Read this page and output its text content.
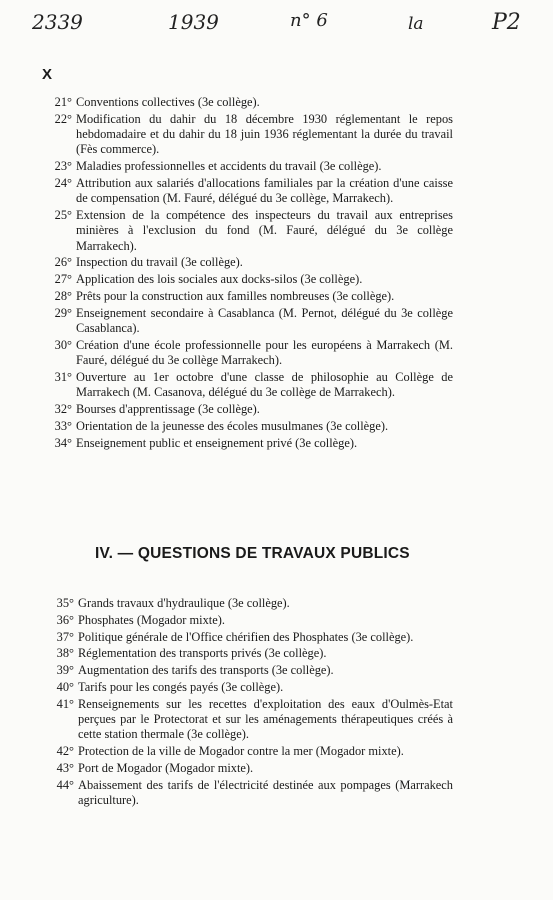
2339	1939	n° 6	la	P2
X
21° Conventions collectives (3e collège).
22° Modification du dahir du 18 décembre 1930 réglementant le repos hebdomadaire et du dahir du 18 juin 1936 réglementant la durée du travail (Fès commerce).
23° Maladies professionnelles et accidents du travail (3e collège).
24° Attribution aux salariés d'allocations familiales par la création d'une caisse de compensation (M. Fauré, délégué du 3e collège, Marrakech).
25° Extension de la compétence des inspecteurs du travail aux entreprises minières à l'exclusion du fond (M. Fauré, délégué du 3e collège Marrakech).
26° Inspection du travail (3e collège).
27° Application des lois sociales aux docks-silos (3e collège).
28° Prêts pour la construction aux familles nombreuses (3e collège).
29° Enseignement secondaire à Casablanca (M. Pernot, délégué du 3e collège Casablanca).
30° Création d'une école professionnelle pour les européens à Marrakech (M. Fauré, délégué du 3e collège Marrakech).
31° Ouverture au 1er octobre d'une classe de philosophie au Collège de Marrakech (M. Casanova, délégué du 3e collège de Marrakech).
32° Bourses d'apprentissage (3e collège).
33° Orientation de la jeunesse des écoles musulmanes (3e collège).
34° Enseignement public et enseignement privé (3e collège).
IV. — QUESTIONS DE TRAVAUX PUBLICS
35° Grands travaux d'hydraulique (3e collège).
36° Phosphates (Mogador mixte).
37° Politique générale de l'Office chérifien des Phosphates (3e collège).
38° Réglementation des transports privés (3e collège).
39° Augmentation des tarifs des transports (3e collège).
40° Tarifs pour les congés payés (3e collège).
41° Renseignements sur les recettes d'exploitation des eaux d'Oulmès-Etat perçues par le Protectorat et sur les aménagements thérapeutiques créés à cette station thermale (3e collège).
42° Protection de la ville de Mogador contre la mer (Mogador mixte).
43° Port de Mogador (Mogador mixte).
44° Abaissement des tarifs de l'électricité destinée aux pompages (Marrakech agriculture).
